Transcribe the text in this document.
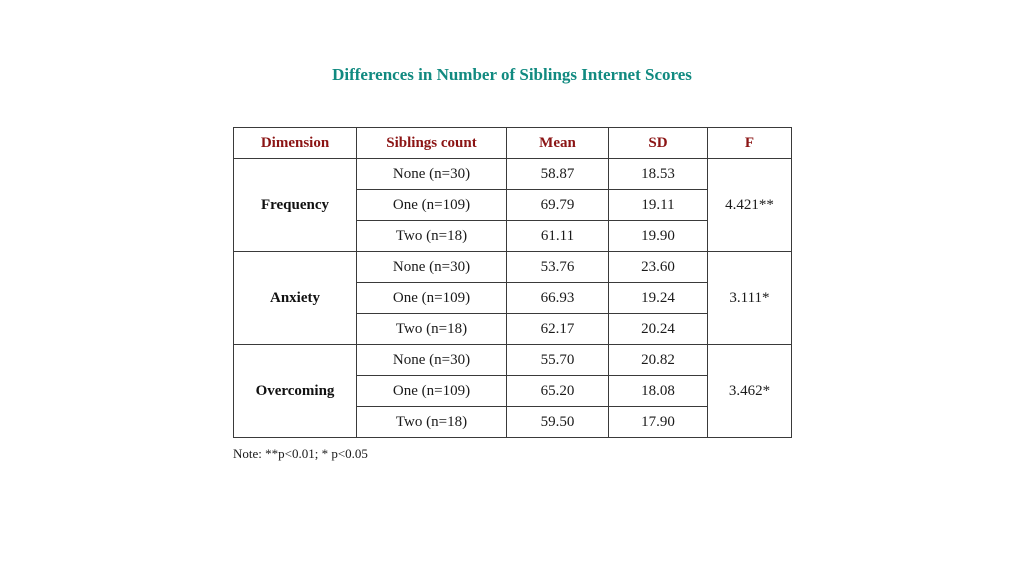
Differences in Number of Siblings Internet Scores
Dimension	Siblings count	Mean	SD	F
Frequency	None (n=30)	58.87	18.53	4.421**
	One (n=109)	69.79	19.11	
	Two (n=18)	61.11	19.90	
Anxiety	None (n=30)	53.76	23.60	3.111*
	One (n=109)	66.93	19.24	
	Two (n=18)	62.17	20.24	
Overcoming	None (n=30)	55.70	20.82	3.462*
	One (n=109)	65.20	18.08	
	Two (n=18)	59.50	17.90	
Note: **p<0.01; * p<0.05
